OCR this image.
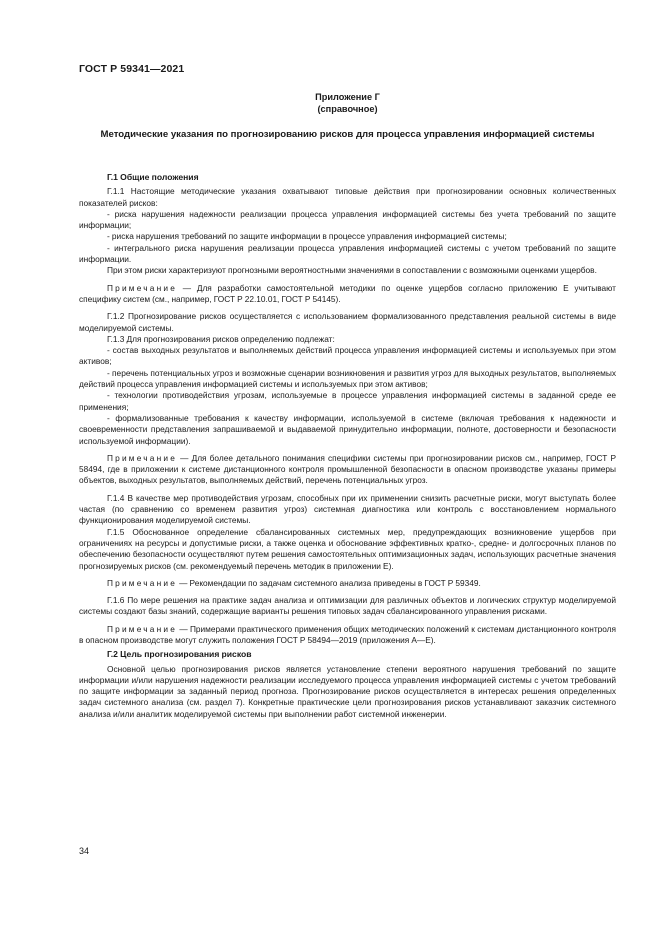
ГОСТ Р 59341—2021
Приложение Г
(справочное)
Методические указания по прогнозированию рисков для процесса управления информацией системы

Г.1 Общие положения

Г.1.1 Настоящие методические указания охватывают типовые действия при прогнозировании основных количественных показателей рисков:

- риска нарушения надежности реализации процесса управления информацией системы без учета требований по защите информации;

- риска нарушения требований по защите информации в процессе управления информацией системы;

- интегрального риска нарушения реализации процесса управления информацией системы с учетом требований по защите информации.

При этом риски характеризуют прогнозными вероятностными значениями в сопоставлении с возможными оценками ущербов.

Примечание — Для разработки самостоятельной методики по оценке ущербов согласно приложению Е учитывают специфику систем (см., например, ГОСТ Р 22.10.01, ГОСТ Р 54145).

Г.1.2 Прогнозирование рисков осуществляется с использованием формализованного представления реальной системы в виде моделируемой системы.

Г.1.3 Для прогнозирования рисков определению подлежат:

- состав выходных результатов и выполняемых действий процесса управления информацией системы и используемых при этом активов;

- перечень потенциальных угроз и возможные сценарии возникновения и развития угроз для выходных результатов, выполняемых действий процесса управления информацией системы и используемых при этом активов;

- технологии противодействия угрозам, используемые в процессе управления информацией системы в заданной среде ее применения;

- формализованные требования к качеству информации, используемой в системе (включая требования к надежности и своевременности представления запрашиваемой и выдаваемой принудительно информации, полноте, достоверности и безопасности используемой информации).

Примечание — Для более детального понимания специфики системы при прогнозировании рисков см., например, ГОСТ Р 58494, где в приложении к системе дистанционного контроля промышленной безопасности в опасном производстве указаны примеры объектов, выходных результатов, выполняемых действий, перечень потенциальных угроз.

Г.1.4 В качестве мер противодействия угрозам, способных при их применении снизить расчетные риски, могут выступать более частая (по сравнению со временем развития угроз) системная диагностика или контроль с восстановлением нормального функционирования моделируемой системы.

Г.1.5 Обоснованное определение сбалансированных системных мер, предупреждающих возникновение ущербов при ограничениях на ресурсы и допустимые риски, а также оценка и обоснование эффективных кратко-, средне- и долгосрочных планов по обеспечению безопасности осуществляют путем решения самостоятельных оптимизационных задач, использующих расчетные значения прогнозируемых рисков (см. рекомендуемый перечень методик в приложении Е).

Примечание — Рекомендации по задачам системного анализа приведены в ГОСТ Р 59349.

Г.1.6 По мере решения на практике задач анализа и оптимизации для различных объектов и логических структур моделируемой системы создают базы знаний, содержащие варианты решения типовых задач сбалансированного управления рисками.

Примечание — Примерами практического применения общих методических положений к системам дистанционного контроля в опасном производстве могут служить положения ГОСТ Р 58494—2019 (приложения А—Е).

Г.2 Цель прогнозирования рисков

Основной целью прогнозирования рисков является установление степени вероятного нарушения требований по защите информации и/или нарушения надежности реализации исследуемого процесса управления информацией системы с учетом требований по защите информации за заданный период прогноза. Прогнозирование рисков осуществляется в интересах решения определенных задач системного анализа (см. раздел 7). Конкретные практические цели прогнозирования рисков устанавливают заказчик системного анализа и/или аналитик моделируемой системы при выполнении работ системной инженерии.

34
